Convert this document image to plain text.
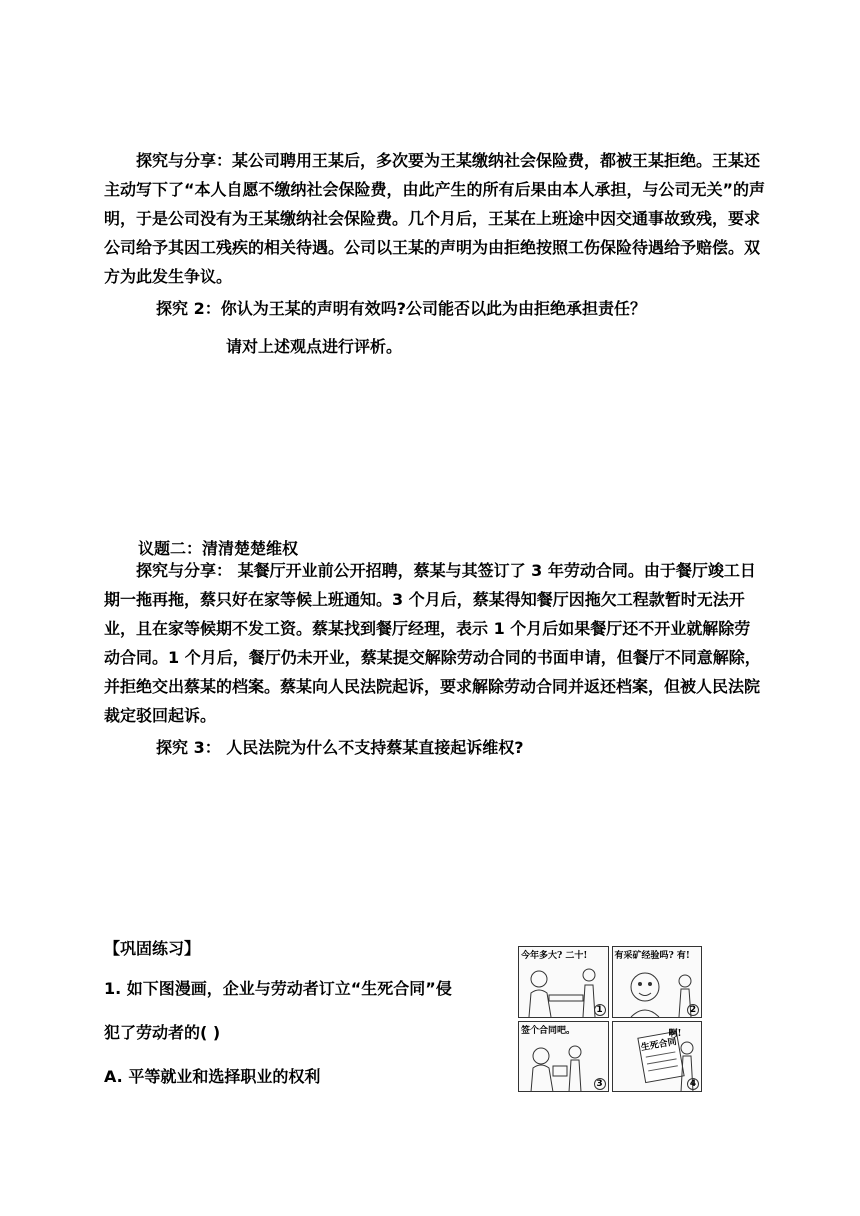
探究与分享：某公司聘用王某后，多次要为王某缴纳社会保险费，都被王某拒绝。王某还主动写下了“本人自愿不缴纳社会保险费，由此产生的所有后果由本人承担，与公司无关”的声明，于是公司没有为王某缴纳社会保险费。几个月后，王某在上班途中因交通事故致残，要求公司给予其因工残疾的相关待遇。公司以王某的声明为由拒绝按照工伤保险待遇给予赔偿。双方为此发生争议。
探究 2：你认为王某的声明有效吗?公司能否以此为由拒绝承担责任？
请对上述观点进行评析。
议题二：清清楚楚维权
探究与分享： 某餐厅开业前公开招聘，蔡某与其签订了 3 年劳动合同。由于餐厅竣工日期一拖再拖，蔡只好在家等候上班通知。3 个月后，蔡某得知餐厅因拖欠工程款暂时无法开业，且在家等候期不发工资。蔡某找到餐厅经理，表示 1 个月后如果餐厅还不开业就解除劳动合同。1 个月后，餐厅仍未开业，蔡某提交解除劳动合同的书面申请，但餐厅不同意解除，并拒绝交出蔡某的档案。蔡某向人民法院起诉，要求解除劳动合同并返还档案，但被人民法院裁定驳回起诉。
探究 3： 人民法院为什么不支持蔡某直接起诉维权?
【巩固练习】
1. 如下图漫画，企业与劳动者订立“生死合同”侵
犯了劳动者的( )
A. 平等就业和选择职业的权利
今年多大? 二十!
1
有采矿经验吗? 有!
2
签个合同吧。
3
生死合同
啊!
4
